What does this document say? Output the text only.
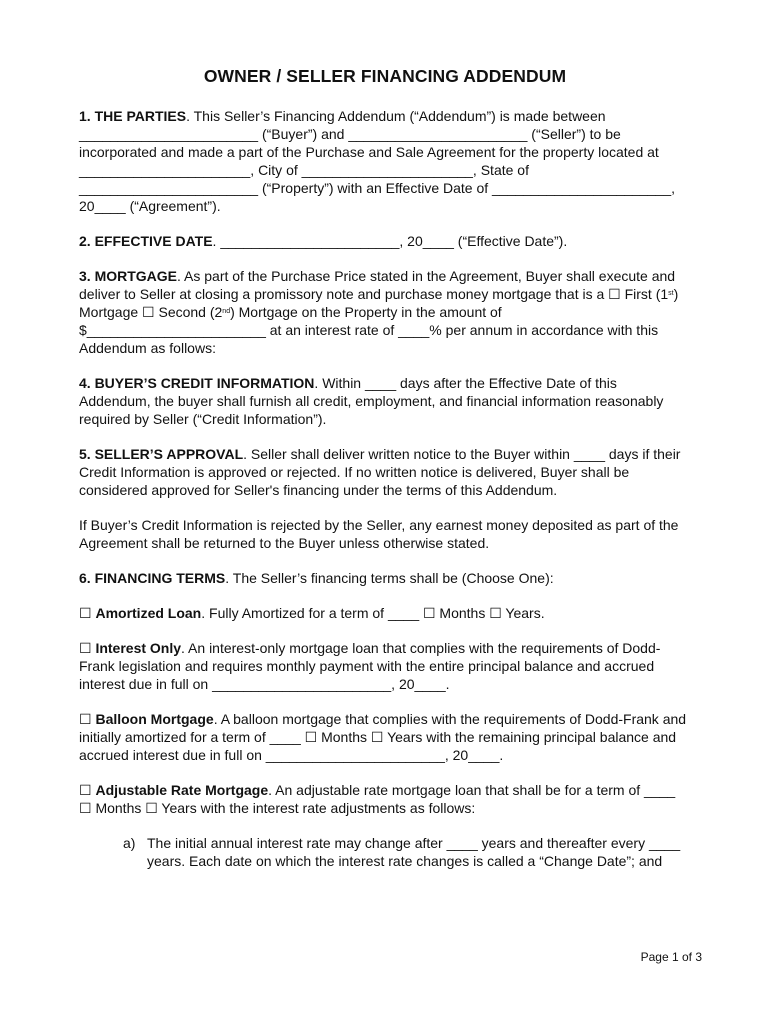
OWNER / SELLER FINANCING ADDENDUM

1. THE PARTIES. This Seller’s Financing Addendum (“Addendum”) is made between _______________________ (“Buyer”) and _______________________ (“Seller”) to be incorporated and made a part of the Purchase and Sale Agreement for the property located at ______________________, City of ______________________, State of _______________________ (“Property”) with an Effective Date of _______________________, 20____ (“Agreement”).

2. EFFECTIVE DATE. _______________________, 20____ (“Effective Date”).

3. MORTGAGE. As part of the Purchase Price stated in the Agreement, Buyer shall execute and deliver to Seller at closing a promissory note and purchase money mortgage that is a ☐ First (1st) Mortgage ☐ Second (2nd) Mortgage on the Property in the amount of $_______________________ at an interest rate of ____% per annum in accordance with this Addendum as follows:

4. BUYER’S CREDIT INFORMATION. Within ____ days after the Effective Date of this Addendum, the buyer shall furnish all credit, employment, and financial information reasonably required by Seller (“Credit Information”).

5. SELLER’S APPROVAL. Seller shall deliver written notice to the Buyer within ____ days if their Credit Information is approved or rejected. If no written notice is delivered, Buyer shall be considered approved for Seller's financing under the terms of this Addendum.

If Buyer’s Credit Information is rejected by the Seller, any earnest money deposited as part of the Agreement shall be returned to the Buyer unless otherwise stated.

6. FINANCING TERMS. The Seller’s financing terms shall be (Choose One):

☐ Amortized Loan. Fully Amortized for a term of ____ ☐ Months ☐ Years.

☐ Interest Only. An interest-only mortgage loan that complies with the requirements of Dodd-Frank legislation and requires monthly payment with the entire principal balance and accrued interest due in full on _______________________, 20____.

☐ Balloon Mortgage. A balloon mortgage that complies with the requirements of Dodd-Frank and initially amortized for a term of ____ ☐ Months ☐ Years with the remaining principal balance and accrued interest due in full on _______________________, 20____.

☐ Adjustable Rate Mortgage. An adjustable rate mortgage loan that shall be for a term of ____ ☐ Months ☐ Years with the interest rate adjustments as follows:

a) The initial annual interest rate may change after ____ years and thereafter every ____ years. Each date on which the interest rate changes is called a “Change Date”; and
Page 1 of 3
